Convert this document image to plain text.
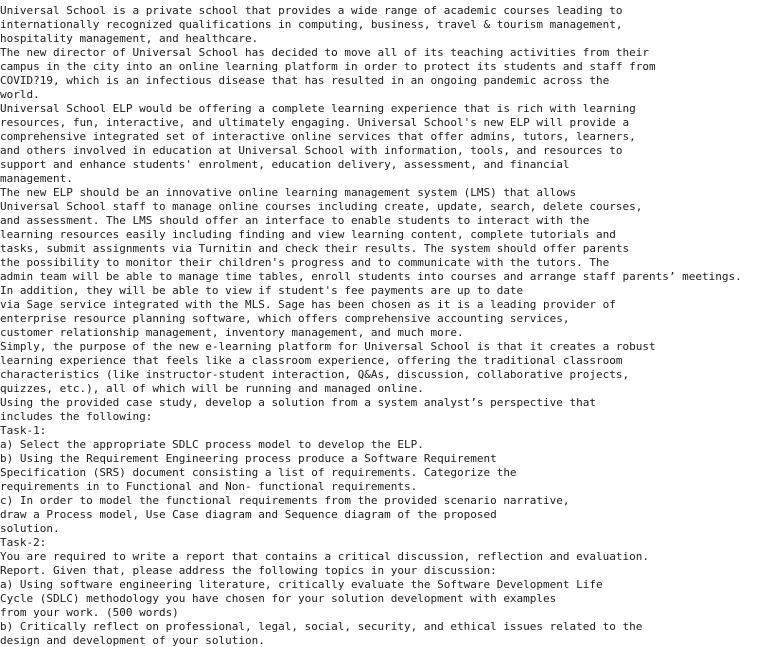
Universal School is a private school that provides a wide range of academic courses leading to
internationally recognized qualifications in computing, business, travel & tourism management,
hospitality management, and healthcare.
The new director of Universal School has decided to move all of its teaching activities from their
campus in the city into an online learning platform in order to protect its students and staff from
COVID?19, which is an infectious disease that has resulted in an ongoing pandemic across the
world.
Universal School ELP would be offering a complete learning experience that is rich with learning
resources, fun, interactive, and ultimately engaging. Universal School's new ELP will provide a
comprehensive integrated set of interactive online services that offer admins, tutors, learners,
and others involved in education at Universal School with information, tools, and resources to
support and enhance students' enrolment, education delivery, assessment, and financial
management.
The new ELP should be an innovative online learning management system (LMS) that allows
Universal School staff to manage online courses including create, update, search, delete courses,
and assessment. The LMS should offer an interface to enable students to interact with the
learning resources easily including finding and view learning content, complete tutorials and
tasks, submit assignments via Turnitin and check their results. The system should offer parents
the possibility to monitor their children's progress and to communicate with the tutors. The
admin team will be able to manage time tables, enroll students into courses and arrange staff parents’ meetings.
In addition, they will be able to view if student's fee payments are up to date
via Sage service integrated with the MLS. Sage has been chosen as it is a leading provider of
enterprise resource planning software, which offers comprehensive accounting services,
customer relationship management, inventory management, and much more.
Simply, the purpose of the new e-learning platform for Universal School is that it creates a robust
learning experience that feels like a classroom experience, offering the traditional classroom
characteristics (like instructor-student interaction, Q&As, discussion, collaborative projects,
quizzes, etc.), all of which will be running and managed online.
Using the provided case study, develop a solution from a system analyst’s perspective that
includes the following:
Task-1:
a) Select the appropriate SDLC process model to develop the ELP.
b) Using the Requirement Engineering process produce a Software Requirement
Specification (SRS) document consisting a list of requirements. Categorize the
requirements in to Functional and Non- functional requirements.
c) In order to model the functional requirements from the provided scenario narrative,
draw a Process model, Use Case diagram and Sequence diagram of the proposed
solution.
Task-2:
You are required to write a report that contains a critical discussion, reflection and evaluation.
Report. Given that, please address the following topics in your discussion:
a) Using software engineering literature, critically evaluate the Software Development Life
Cycle (SDLC) methodology you have chosen for your solution development with examples
from your work. (500 words)
b) Critically reflect on professional, legal, social, security, and ethical issues related to the
design and development of your solution.
